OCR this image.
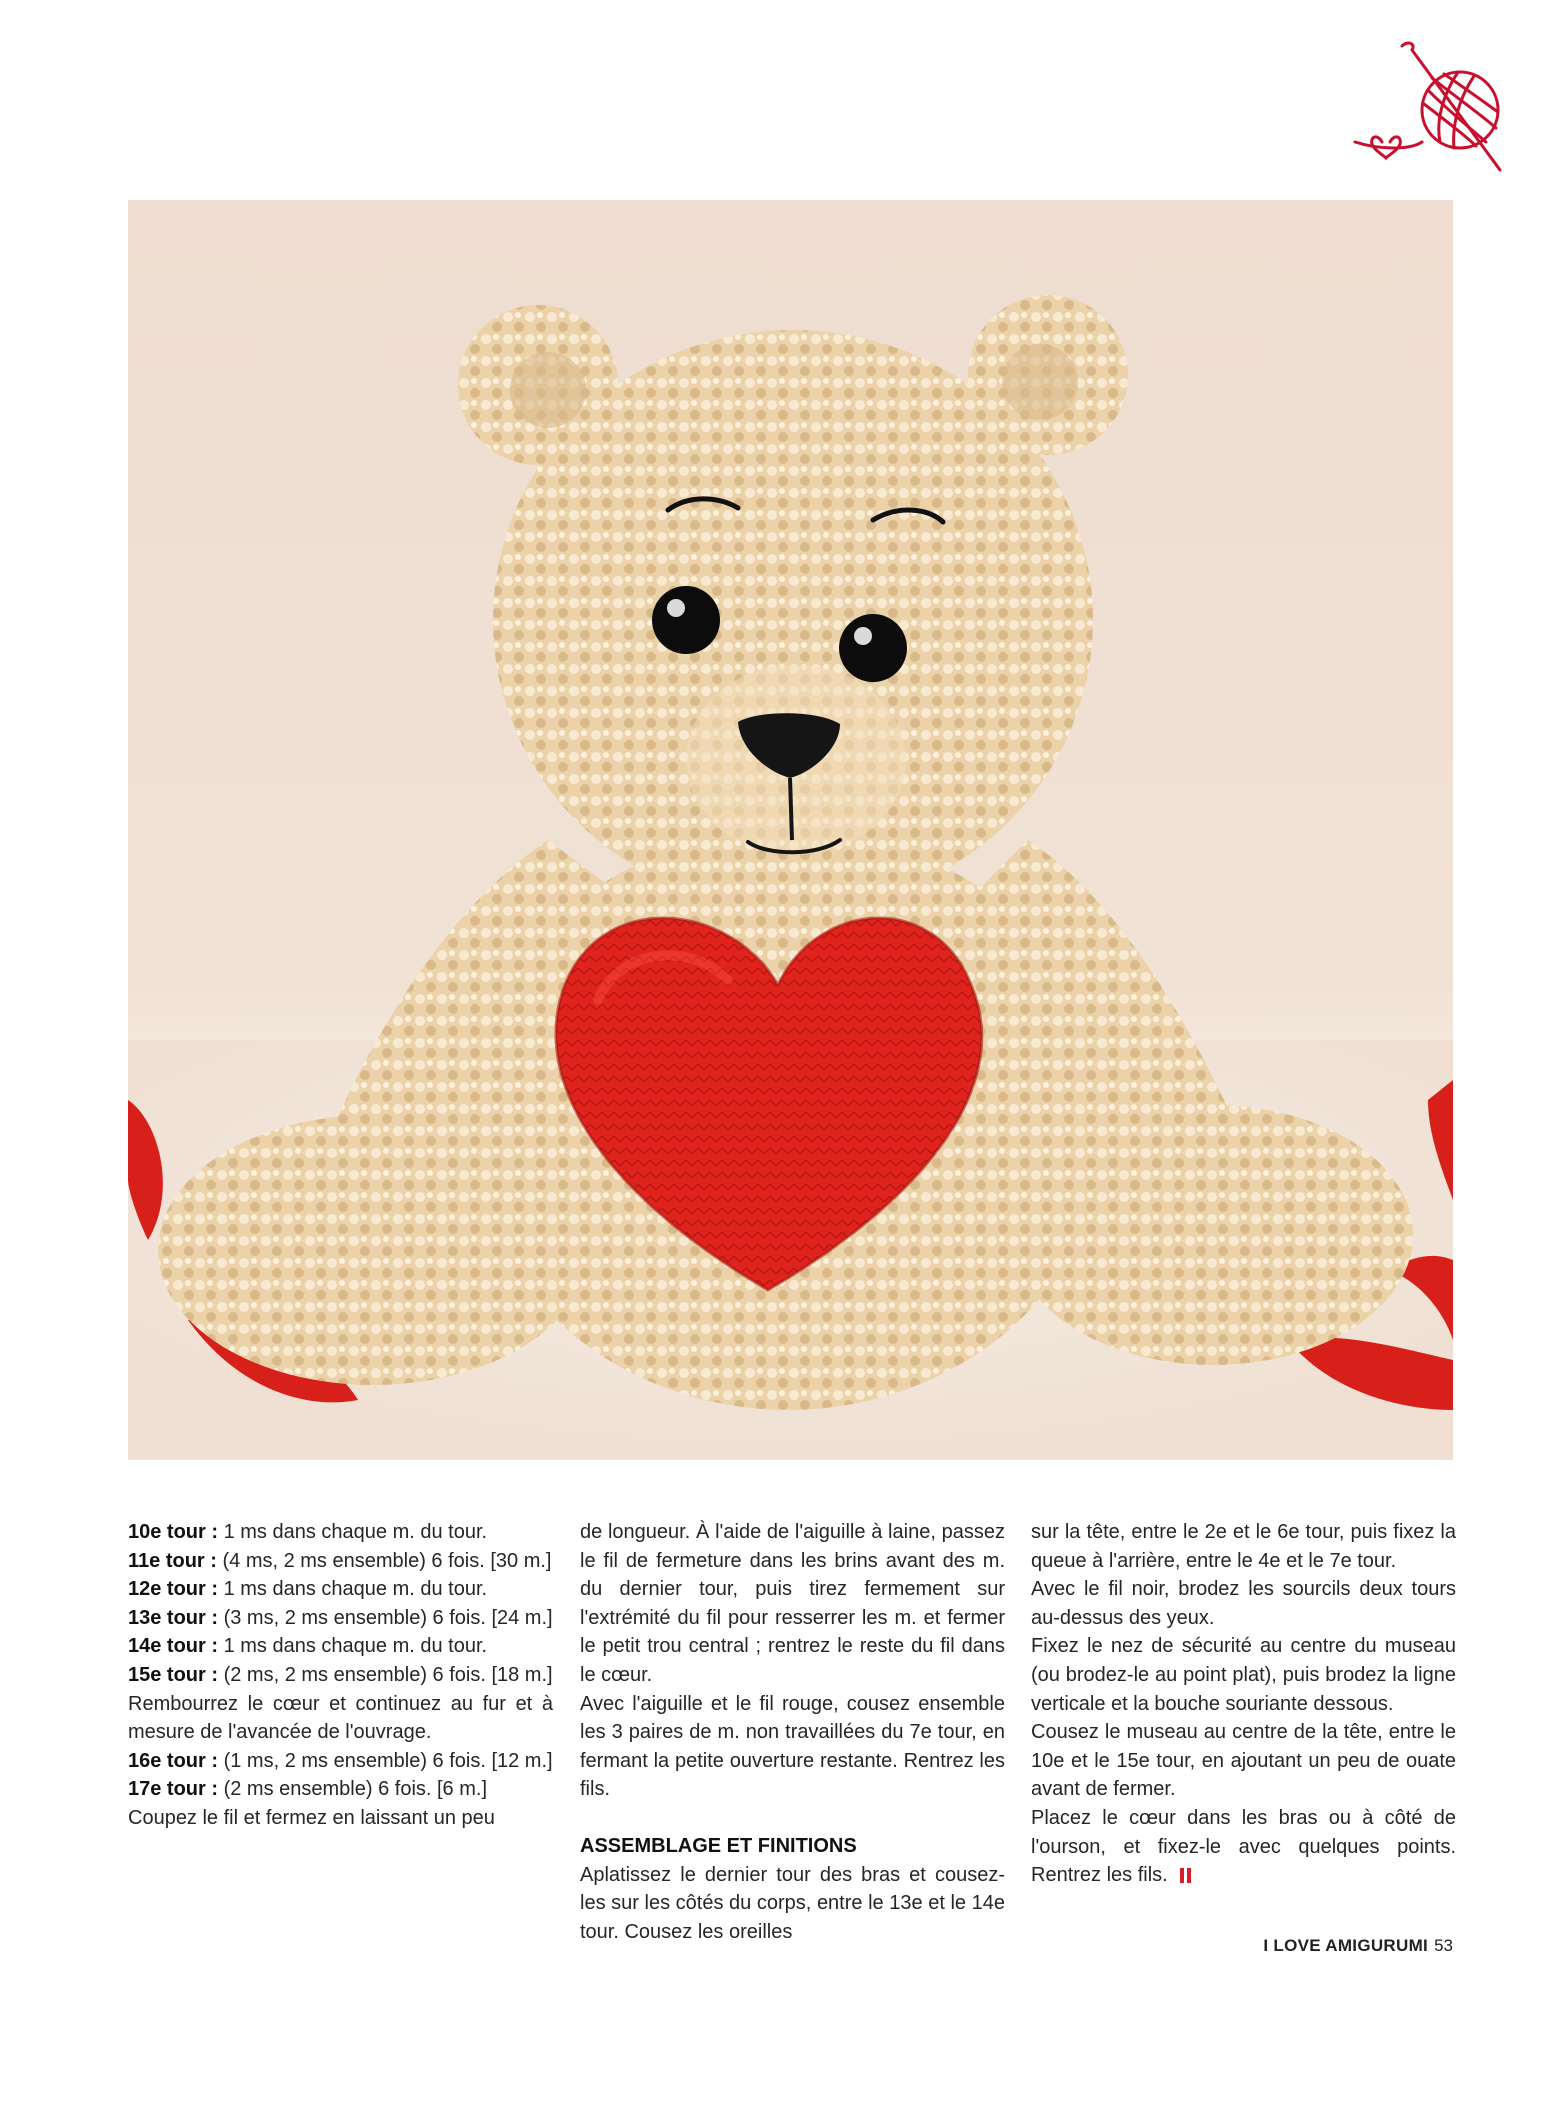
10e tour : 1 ms dans chaque m. du tour.

11e tour : (4 ms, 2 ms ensemble) 6 fois. [30 m.]

12e tour : 1 ms dans chaque m. du tour.

13e tour : (3 ms, 2 ms ensemble) 6 fois. [24 m.]

14e tour : 1 ms dans chaque m. du tour.

15e tour : (2 ms, 2 ms ensemble) 6 fois. [18 m.]

Rembourrez le cœur et continuez au fur et à mesure de l'avancée de l'ouvrage.

16e tour : (1 ms, 2 ms ensemble) 6 fois. [12 m.]

17e tour : (2 ms ensemble) 6 fois. [6 m.]

Coupez le fil et fermez en laissant un peu

de longueur. À l'aide de l'aiguille à laine, passez le fil de fermeture dans les brins avant des m. du dernier tour, puis tirez fermement sur l'extrémité du fil pour resserrer les m. et fermer le petit trou central ; rentrez le reste du fil dans le cœur.

Avec l'aiguille et le fil rouge, cousez ensemble les 3 paires de m. non travaillées du 7e tour, en fermant la petite ouverture restante. Rentrez les fils.

ASSEMBLAGE ET FINITIONS

Aplatissez le dernier tour des bras et cousez-les sur les côtés du corps, entre le 13e et le 14e tour. Cousez les oreilles

sur la tête, entre le 2e et le 6e tour, puis fixez la queue à l'arrière, entre le 4e et le 7e tour.

Avec le fil noir, brodez les sourcils deux tours au-dessus des yeux.

Fixez le nez de sécurité au centre du museau (ou brodez-le au point plat), puis brodez la ligne verticale et la bouche souriante dessous.

Cousez le museau au centre de la tête, entre le 10e et le 15e tour, en ajoutant un peu de ouate avant de fermer.

Placez le cœur dans les bras ou à côté de l'ourson, et fixez-le avec quelques points. Rentrez les fils.

I LOVE AMIGURUMI 53
